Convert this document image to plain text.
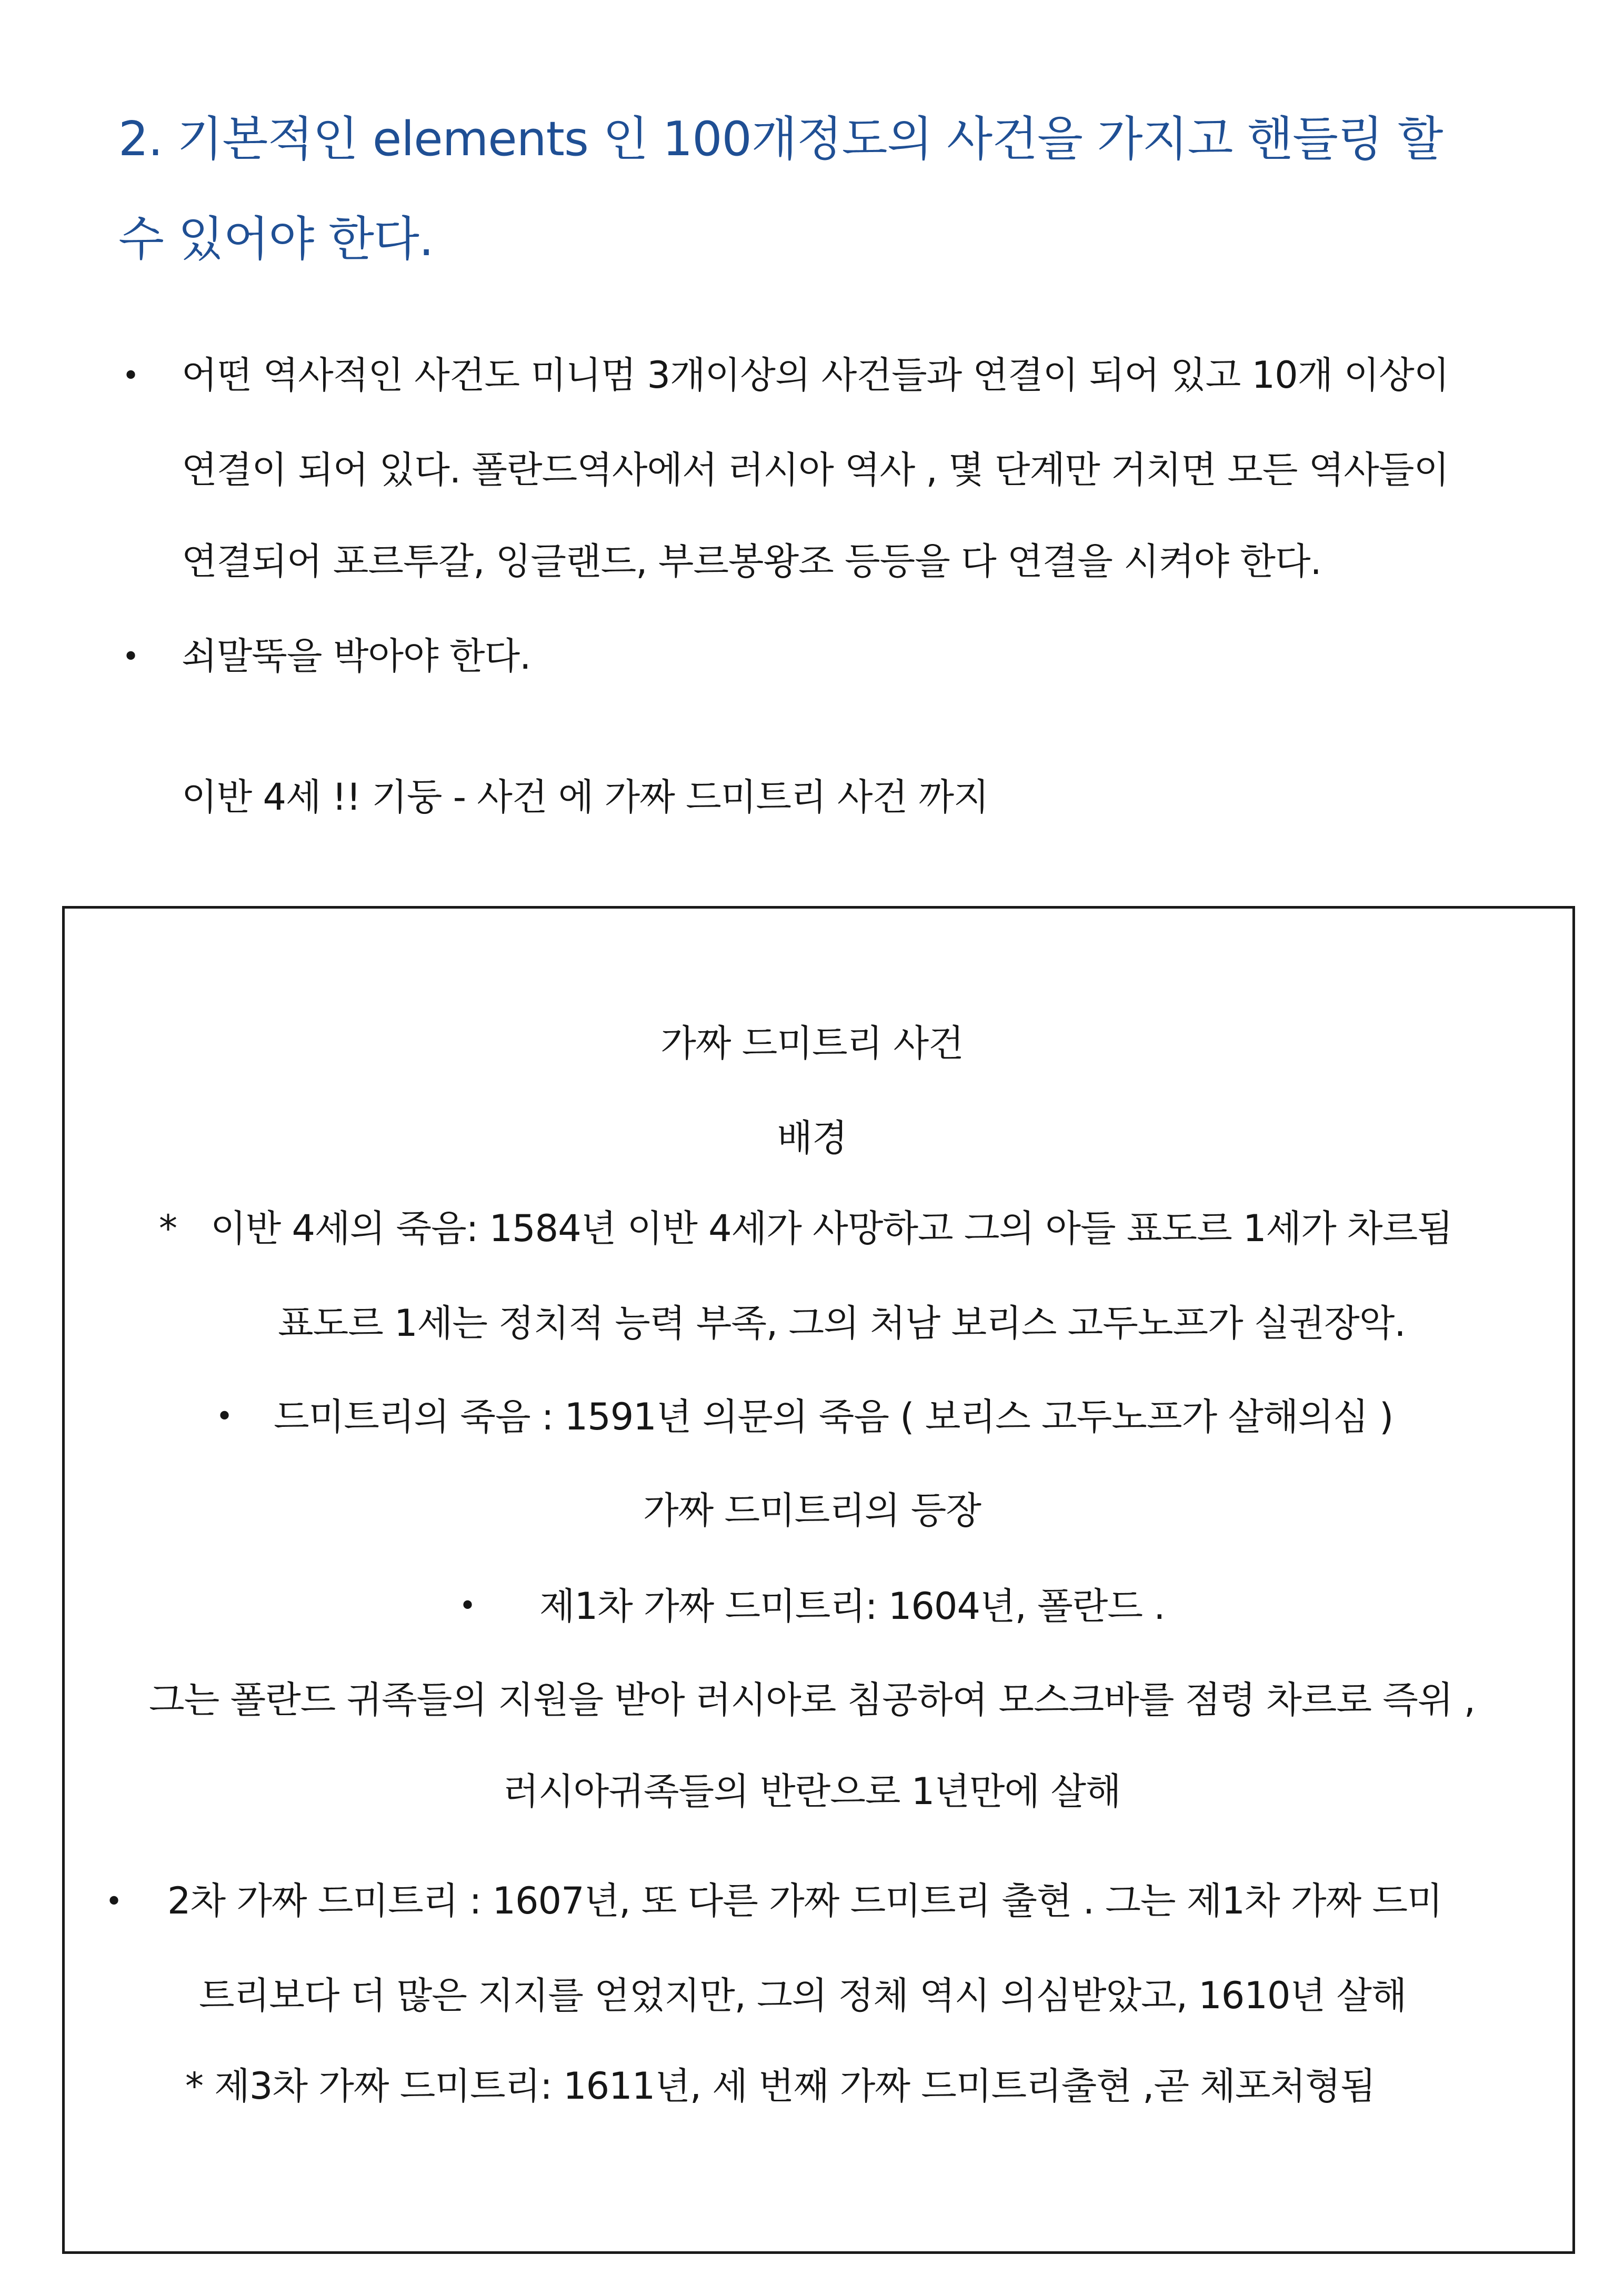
2. 기본적인 elements 인 100개정도의 사건을 가지고 핸들링 할
수 있어야 한다.
• 어떤 역사적인 사건도 미니멈 3개이상의 사건들과 연결이 되어 있고 10개 이상이
연결이 되어 있다. 폴란드역사에서 러시아 역사 , 몇 단계만 거치면 모든 역사들이
연결되어 포르투갈, 잉글랜드, 부르봉왕조 등등을 다 연결을 시켜야 한다.
• 쇠말뚝을 박아야 한다.
이반 4세 !! 기둥 - 사건 에 가짜 드미트리 사건 까지
가짜 드미트리 사건
배경
* 이반 4세의 죽음: 1584년 이반 4세가 사망하고 그의 아들 표도르 1세가 차르됨
표도르 1세는 정치적 능력 부족, 그의 처남 보리스 고두노프가 실권장악.
• 드미트리의 죽음 : 1591년 의문의 죽음 ( 보리스 고두노프가 살해의심 )
가짜 드미트리의 등장
• 제1차 가짜 드미트리: 1604년, 폴란드 .
그는 폴란드 귀족들의 지원을 받아 러시아로 침공하여 모스크바를 점령 차르로 즉위 ,
러시아귀족들의 반란으로 1년만에 살해
• 2차 가짜 드미트리 : 1607년, 또 다른 가짜 드미트리 출현 . 그는 제1차 가짜 드미
트리보다 더 많은 지지를 얻었지만, 그의 정체 역시 의심받았고, 1610년 살해
* 제3차 가짜 드미트리: 1611년, 세 번째 가짜 드미트리출현 ,곧 체포처형됨
